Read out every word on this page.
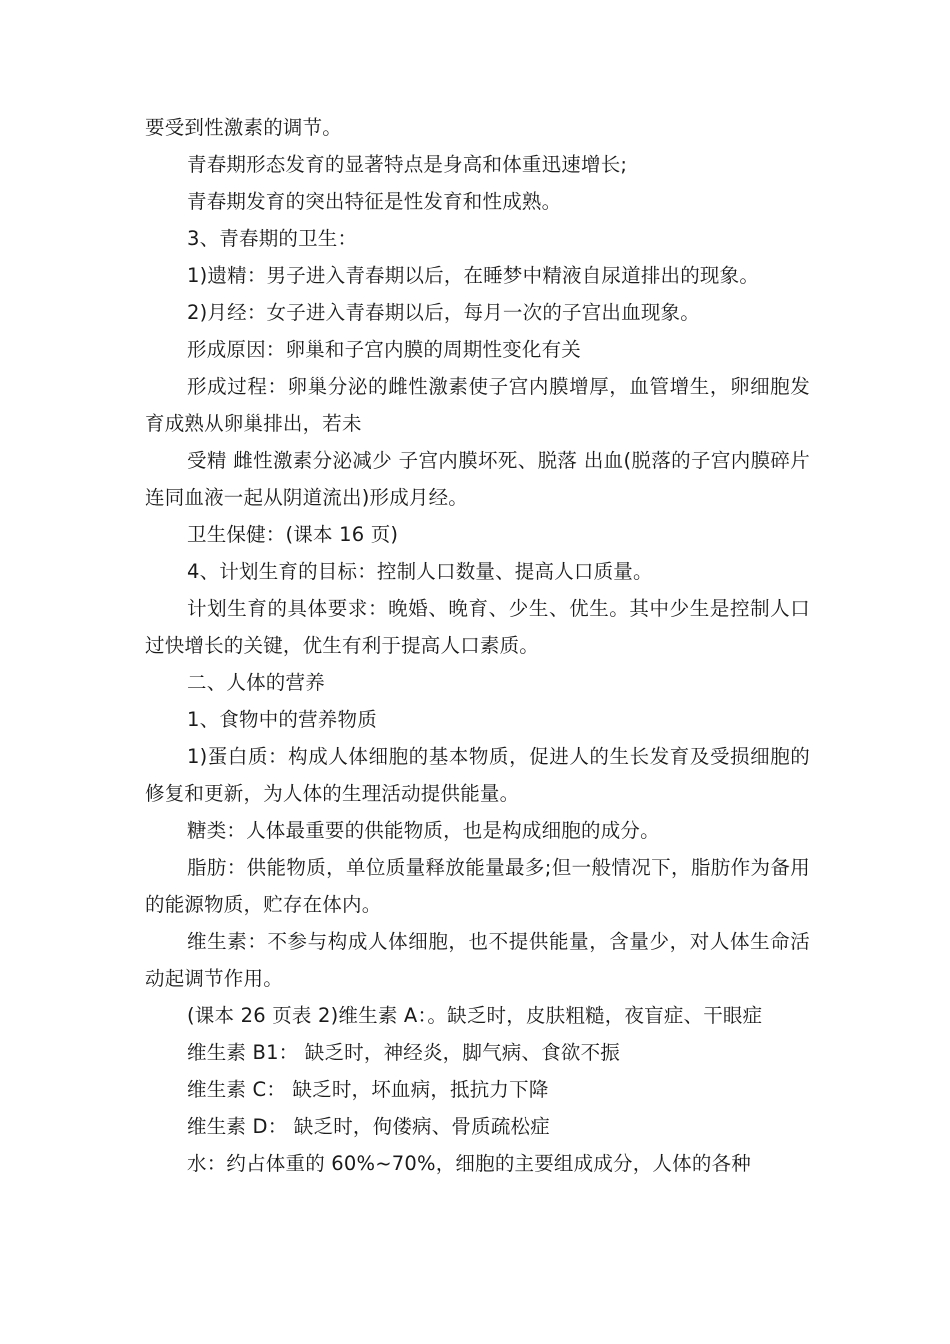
要受到性激素的调节。

青春期形态发育的显著特点是身高和体重迅速增长;

青春期发育的突出特征是性发育和性成熟。

3、青春期的卫生：

1)遗精：男子进入青春期以后，在睡梦中精液自尿道排出的现象。

2)月经：女子进入青春期以后，每月一次的子宫出血现象。

形成原因：卵巢和子宫内膜的周期性变化有关

形成过程：卵巢分泌的雌性激素使子宫内膜增厚，血管增生，卵细胞发育成熟从卵巢排出，若未

受精 雌性激素分泌减少 子宫内膜坏死、脱落 出血(脱落的子宫内膜碎片连同血液一起从阴道流出)形成月经。

卫生保健：(课本 16 页)

4、计划生育的目标：控制人口数量、提高人口质量。

计划生育的具体要求：晚婚、晚育、少生、优生。其中少生是控制人口过快增长的关键，优生有利于提高人口素质。

二、人体的营养

1、食物中的营养物质

1)蛋白质：构成人体细胞的基本物质，促进人的生长发育及受损细胞的修复和更新，为人体的生理活动提供能量。

糖类：人体最重要的供能物质，也是构成细胞的成分。

脂肪：供能物质，单位质量释放能量最多;但一般情况下，脂肪作为备用的能源物质，贮存在体内。

维生素：不参与构成人体细胞，也不提供能量，含量少，对人体生命活动起调节作用。

(课本 26 页表 2)维生素 A：。缺乏时，皮肤粗糙，夜盲症、干眼症

维生素 B1： 缺乏时，神经炎，脚气病、食欲不振

维生素 C： 缺乏时，坏血病，抵抗力下降

维生素 D： 缺乏时，佝偻病、骨质疏松症

水：约占体重的 60%~70%，细胞的主要组成成分，人体的各种
